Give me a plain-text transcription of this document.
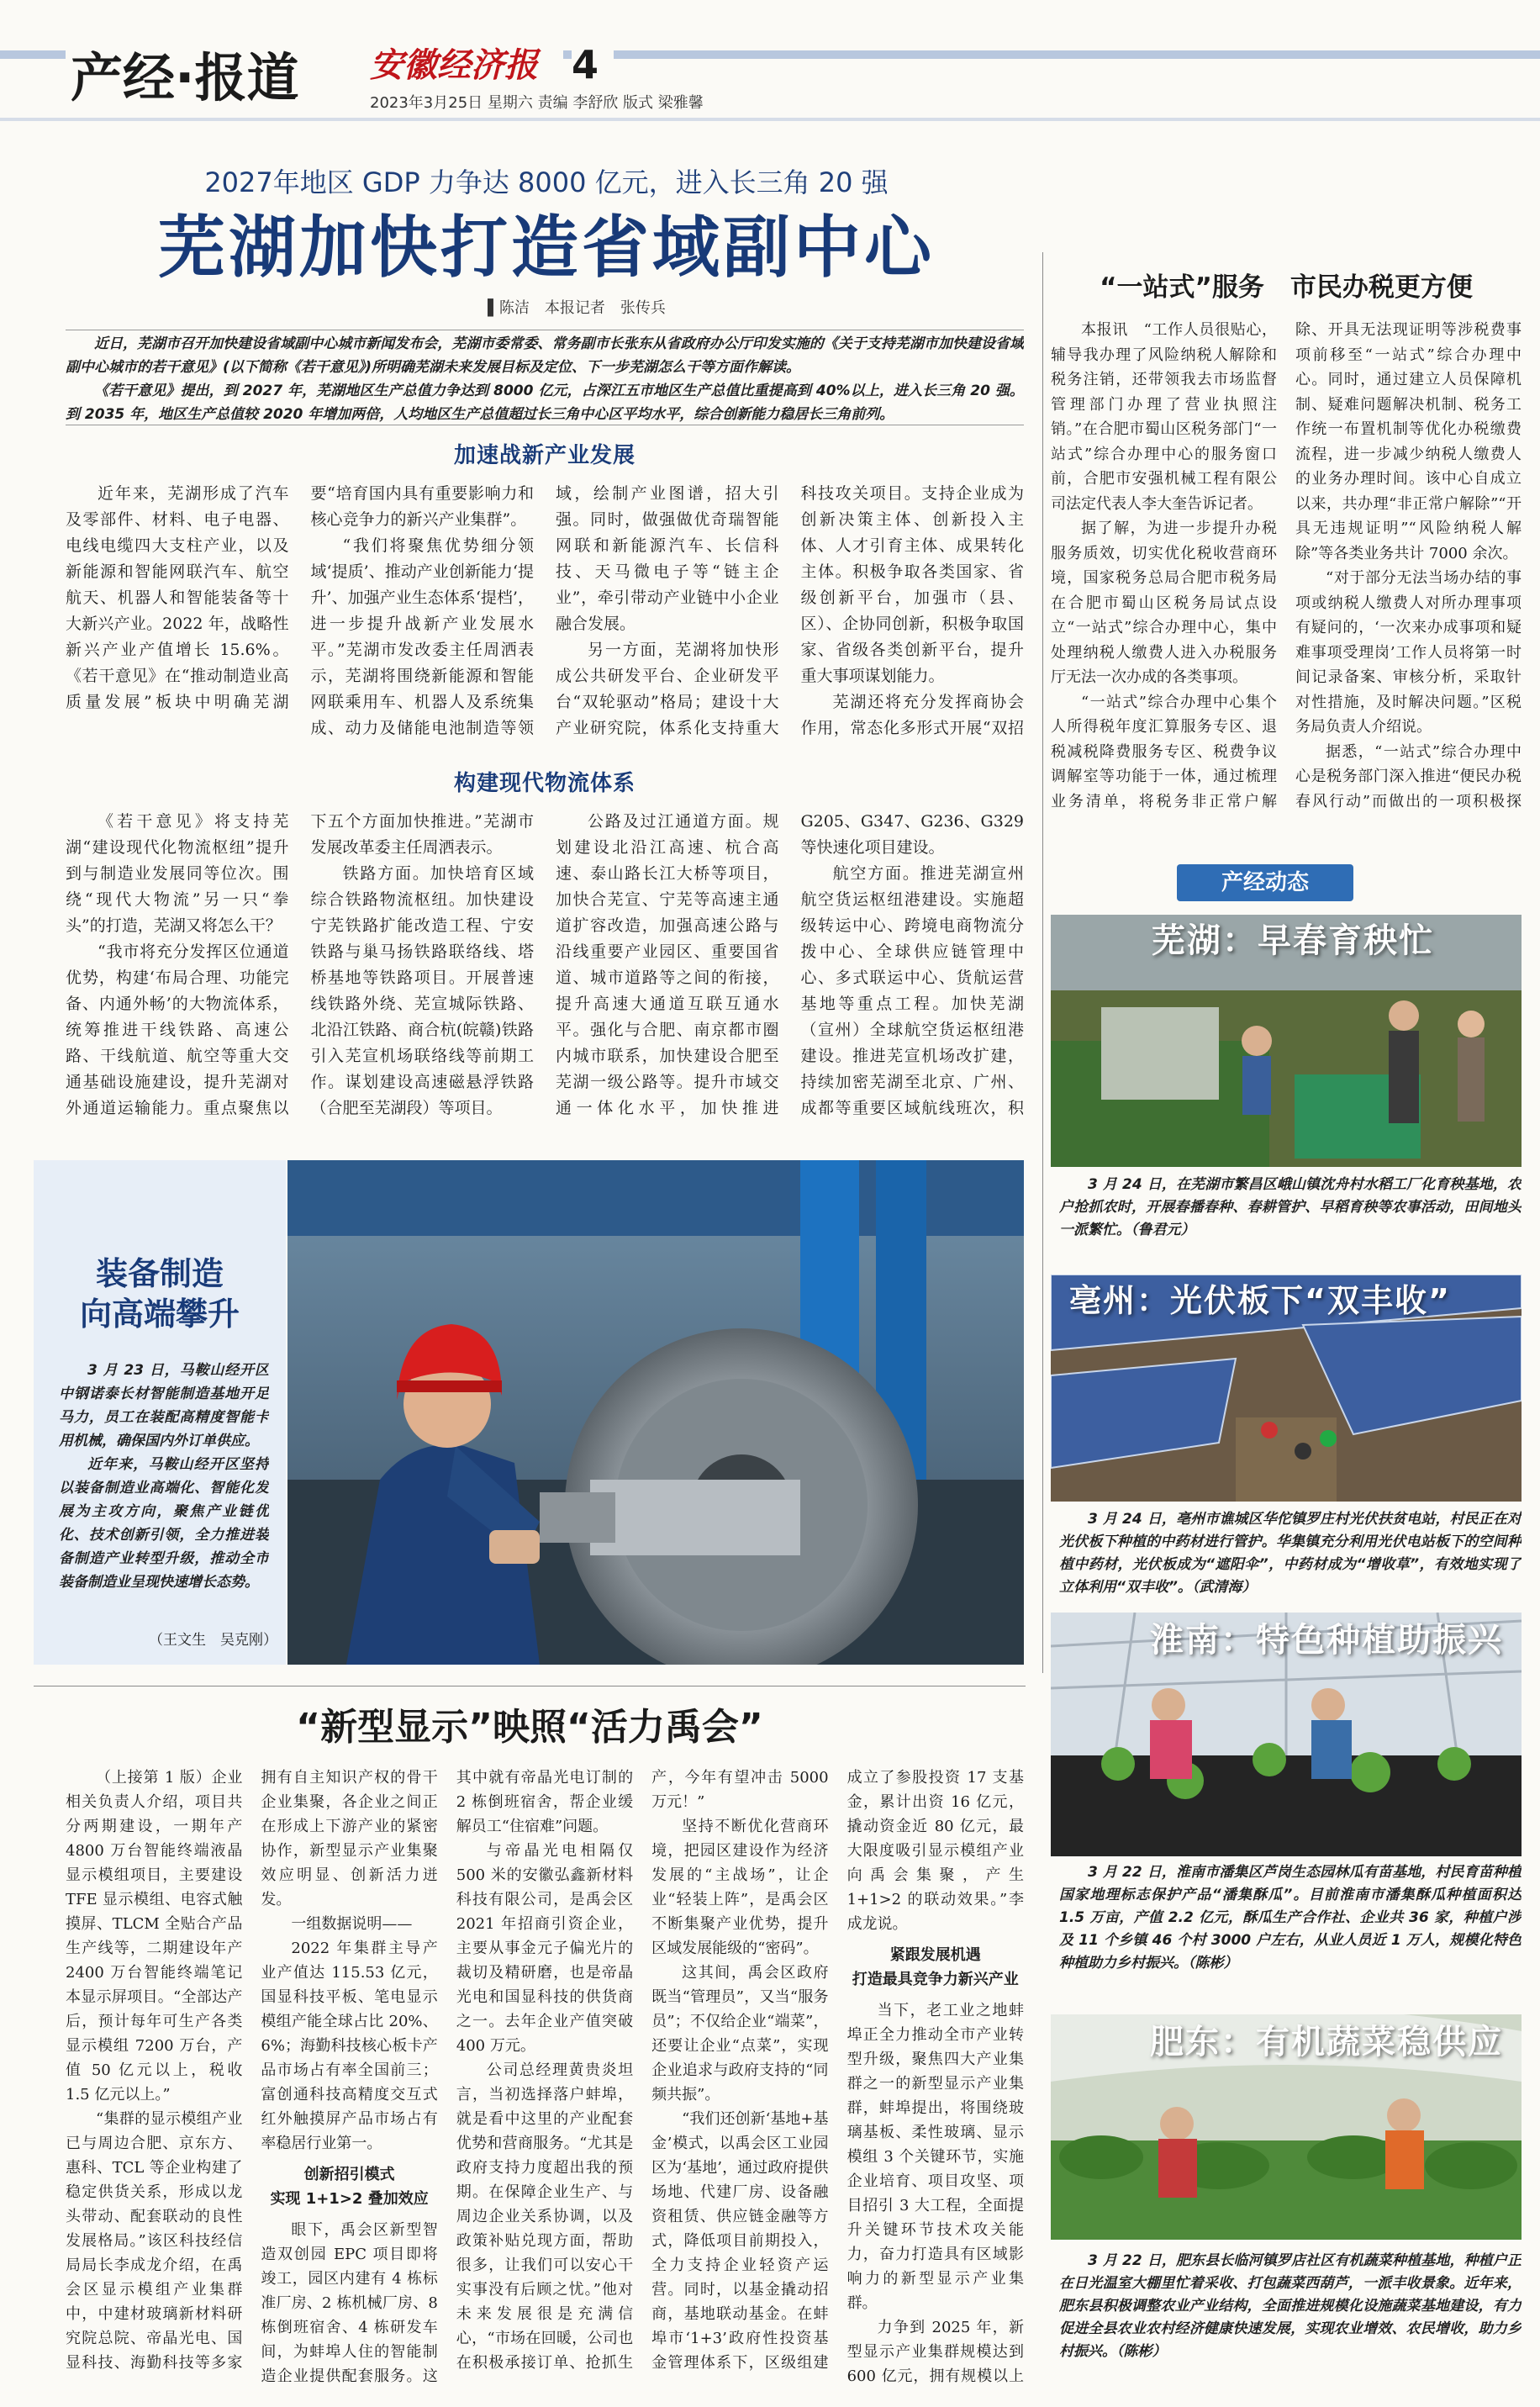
产经·报道	安徽经济报 4
2023年3月25日 星期六 责编 李舒欣 版式 梁雅馨
2027年地区 GDP 力争达 8000 亿元，进入长三角 20 强
芜湖加快打造省域副中心
▌陈洁　本报记者　张传兵

近日，芜湖市召开加快建设省域副中心城市新闻发布会，芜湖市委常委、常务副市长张东从省政府办公厅印发实施的《关于支持芜湖市加快建设省域副中心城市的若干意见》(以下简称《若干意见》)所明确芜湖未来发展目标及定位、下一步芜湖怎么干等方面作解读。

《若干意见》提出，到 2027 年，芜湖地区生产总值力争达到 8000 亿元，占深江五市地区生产总值比重提高到 40%以上，进入长三角 20 强。到 2035 年，地区生产总值较 2020 年增加两倍，人均地区生产总值超过长三角中心区平均水平，综合创新能力稳居长三角前列。

加速战新产业发展

近年来，芜湖形成了汽车及零部件、材料、电子电器、电线电缆四大支柱产业，以及新能源和智能网联汽车、航空航天、机器人和智能装备等十大新兴产业。2022 年，战略性新兴产业产值增长 15.6%。《若干意见》在“推动制造业高质量发展”板块中明确芜湖要“培育国内具有重要影响力和核心竞争力的新兴产业集群”。

“我们将聚焦优势细分领域‘提质’、推动产业创新能力‘提升’、加强产业生态体系‘提档’，进一步提升战新产业发展水平。”芜湖市发改委主任周洒表示，芜湖将围绕新能源和智能网联乘用车、机器人及系统集成、动力及储能电池制造等领域，绘制产业图谱，招大引强。同时，做强做优奇瑞智能网联和新能源汽车、长信科技、天马微电子等“链主企业”，牵引带动产业链中小企业融合发展。

另一方面，芜湖将加快形成公共研发平台、企业研发平台“双轮驱动”格局；建设十大产业研究院，体系化支持重大科技攻关项目。支持企业成为创新决策主体、创新投入主体、人才引育主体、成果转化主体。积极争取各类国家、省级创新平台，加强市（县、区）、企协同创新，积极争取国家、省级各类创新平台，提升重大事项谋划能力。

芜湖还将充分发挥商协会作用，常态化多形式开展“双招

构建现代物流体系

《若干意见》将支持芜湖“建设现代化物流枢纽”提升到与制造业发展同等位次。围绕“现代大物流”另一只“拳头”的打造，芜湖又将怎么干？

“我市将充分发挥区位通道优势，构建‘布局合理、功能完备、内通外畅’的大物流体系，统筹推进干线铁路、高速公路、干线航道、航空等重大交通基础设施建设，提升芜湖对外通道运输能力。重点聚焦以下五个方面加快推进。”芜湖市发展改革委主任周洒表示。

铁路方面。加快培育区域综合铁路物流枢纽。加快建设宁芜铁路扩能改造工程、宁安铁路与巢马扬铁路联络线、塔桥基地等铁路项目。开展普速线铁路外绕、芜宣城际铁路、北沿江铁路、商合杭(皖赣)铁路引入芜宣机场联络线等前期工作。谋划建设高速磁悬浮铁路（合肥至芜湖段）等项目。

公路及过江通道方面。规划建设北沿江高速、杭合高速、泰山路长江大桥等项目，加快合芜宣、宁芜等高速主通道扩容改造，加强高速公路与沿线重要产业园区、重要国省道、城市道路等之间的衔接，提升高速大通道互联互通水平。强化与合肥、南京都市圈内城市联系，加快建设合肥至芜湖一级公路等。提升市域交通一体化水平，加快推进 G205、G347、G236、G329 等快速化项目建设。

航空方面。推进芜湖宣州航空货运枢纽港建设。实施超级转运中心、跨境电商物流分拨中心、全球供应链管理中心、多式联运中心、货航运营基地等重点工程。加快芜湖（宣州）全球航空货运枢纽港建设。推进芜宣机场改扩建，持续加密芜湖至北京、广州、成都等重要区域航线班次，积

装备制造
向高端攀升

3 月 23 日，马鞍山经开区中钢诺泰长材智能制造基地开足马力，员工在装配高精度智能卡用机械，确保国内外订单供应。

近年来，马鞍山经开区坚持以装备制造业高端化、智能化发展为主攻方向，聚焦产业链优化、技术创新引领，全力推进装备制造产业转型升级，推动全市装备制造业呈现快速增长态势。

（王文生　吴克刚）
“一站式”服务　市民办税更方便

本报讯　“工作人员很贴心，辅导我办理了风险纳税人解除和税务注销，还带领我去市场监督管理部门办理了营业执照注销。”在合肥市蜀山区税务部门“一站式”综合办理中心的服务窗口前，合肥市安强机械工程有限公司法定代表人李大奎告诉记者。

据了解，为进一步提升办税服务质效，切实优化税收营商环境，国家税务总局合肥市税务局在合肥市蜀山区税务局试点设立“一站式”综合办理中心，集中处理纳税人缴费人进入办税服务厅无法一次办成的各类事项。

“一站式”综合办理中心集个人所得税年度汇算服务专区、退税减税降费服务专区、税费争议调解室等功能于一体，通过梳理业务清单，将税务非正常户解除、开具无法现证明等涉税费事项前移至“一站式”综合办理中心。同时，通过建立人员保障机制、疑难问题解决机制、税务工作统一布置机制等优化办税缴费流程，进一步减少纳税人缴费人的业务办理时间。该中心自成立以来，共办理“非正常户解除”“开具无违规证明”“风险纳税人解除”等各类业务共计 7000 余次。

“对于部分无法当场办结的事项或纳税人缴费人对所办理事项有疑问的，‘一次来办成事项和疑难事项受理岗’工作人员将第一时间记录备案、审核分析，采取针对性措施，及时解决问题。”区税务局负责人介绍说。

据悉，“一站式”综合办理中心是税务部门深入推进“便民办税春风行动”而做出的一项积极探

产经动态
芜湖：早春育秧忙
3 月 24 日，在芜湖市繁昌区峨山镇沈舟村水稻工厂化育秧基地，农户抢抓农时，开展春播春种、春耕管护、早稻育秧等农事活动，田间地头一派繁忙。（鲁君元）
亳州：光伏板下“双丰收”
3 月 24 日，亳州市谯城区华佗镇罗庄村光伏扶贫电站，村民正在对光伏板下种植的中药材进行管护。华集镇充分利用光伏电站板下的空间种植中药材，光伏板成为“遮阳伞”，中药材成为“增收草”，有效地实现了立体利用“双丰收”。（武清海）
淮南：特色种植助振兴
3 月 22 日，淮南市潘集区芦岗生态园林瓜有苗基地，村民育苗种植国家地理标志保护产品“潘集酥瓜”。目前淮南市潘集酥瓜种植面积达 1.5 万亩，产值 2.2 亿元，酥瓜生产合作社、企业共 36 家，种植户涉及 11 个乡镇 46 个村 3000 户左右，从业人员近 1 万人，规模化特色种植助力乡村振兴。（陈彬）
肥东：有机蔬菜稳供应
3 月 22 日，肥东县长临河镇罗店社区有机蔬菜种植基地，种植户正在日光温室大棚里忙着采收、打包蔬菜西葫芦，一派丰收景象。近年来，肥东县积极调整农业产业结构，全面推进规模化设施蔬菜基地建设，有力促进全县农业农村经济健康快速发展，实现农业增效、农民增收，助力乡村振兴。（陈彬）
“新型显示”映照“活力禹会”

（上接第 1 版）企业相关负责人介绍，项目共分两期建设，一期年产 4800 万台智能终端液晶显示模组项目，主要建设 TFE 显示模组、电容式触摸屏、TLCM 全贴合产品生产线等，二期建设年产 2400 万台智能终端笔记本显示屏项目。“全部达产后，预计每年可生产各类显示模组 7200 万台，产值 50 亿元以上，税收 1.5 亿元以上。”

“集群的显示模组产业已与周边合肥、京东方、惠科、TCL 等企业构建了稳定供货关系，形成以龙头带动、配套联动的良性发展格局。”该区科技经信局局长李成龙介绍，在禹会区显示模组产业集群中，中建材玻璃新材料研究院总院、帝晶光电、国显科技、海勤科技等多家拥有自主知识产权的骨干企业集聚，各企业之间正在形成上下游产业的紧密协作，新型显示产业集聚效应明显、创新活力迸发。

一组数据说明——

2022 年集群主导产业产值达 115.53 亿元，国显科技平板、笔电显示模组产能全球占比 20%、6%；海勤科技核心板卡产品市场占有率全国前三；富创通科技高精度交互式红外触摸屏产品市场占有率稳居行业第一。

创新招引模式
实现 1+1>2 叠加效应

眼下，禹会区新型智造双创园 EPC 项目即将竣工，园区内建有 4 栋标准厂房、2 栋机械厂房、8 栋倒班宿舍、4 栋研发车间，为蚌埠人住的智能制造企业提供配套服务。这其中就有帝晶光电订制的 2 栋倒班宿舍，帮企业缓解员工“住宿难”问题。

与帝晶光电相隔仅 500 米的安徽弘鑫新材料科技有限公司，是禹会区 2021 年招商引资企业，主要从事金元子偏光片的裁切及精研磨，也是帝晶光电和国显科技的供货商之一。去年企业产值突破 400 万元。

公司总经理黄贵炎坦言，当初选择落户蚌埠，就是看中这里的产业配套优势和营商服务。“尤其是政府支持力度超出我的预期。在保障企业生产、与周边企业关系协调，以及政策补贴兑现方面，帮助很多，让我们可以安心干实事没有后顾之忧。”他对未来发展很是充满信心，“市场在回暖，公司也在积极承接订单、抢抓生产，今年有望冲击 5000 万元！”

坚持不断优化营商环境，把园区建设作为经济发展的“主战场”，让企业“轻装上阵”，是禹会区不断集聚产业优势，提升区域发展能级的“密码”。

这其间，禹会区政府既当“管理员”，又当“服务员”；不仅给企业“端菜”，还要让企业“点菜”，实现企业追求与政府支持的“同频共振”。

“我们还创新‘基地+基金’模式，以禹会区工业园区为‘基地’，通过政府提供场地、代建厂房、设备融资租赁、供应链金融等方式，降低项目前期投入，全力支持企业轻资产运营。同时，以基金撬动招商，基地联动基金。在蚌埠市‘1+3’政府性投资基金管理体系下，区级组建成立了参股投资 17 支基金，累计出资 16 亿元，撬动资金近 80 亿元，最大限度吸引显示模组产业向禹会集聚，产生 1+1>2 的联动效果。”李成龙说。

紧跟发展机遇
打造最具竞争力新兴产业

当下，老工业之地蚌埠正全力推动全市产业转型升级，聚焦四大产业集群之一的新型显示产业集群，蚌埠提出，将围绕玻璃基板、柔性玻璃、显示模组 3 个关键环节，实施企业培育、项目攻坚、项目招引 3 大工程，全面提升关键环节技术攻关能力，奋力打造具有区域影响力的新型显示产业集群。

力争到 2025 年，新型显示产业集群规模达到 600 亿元，拥有规模以上
